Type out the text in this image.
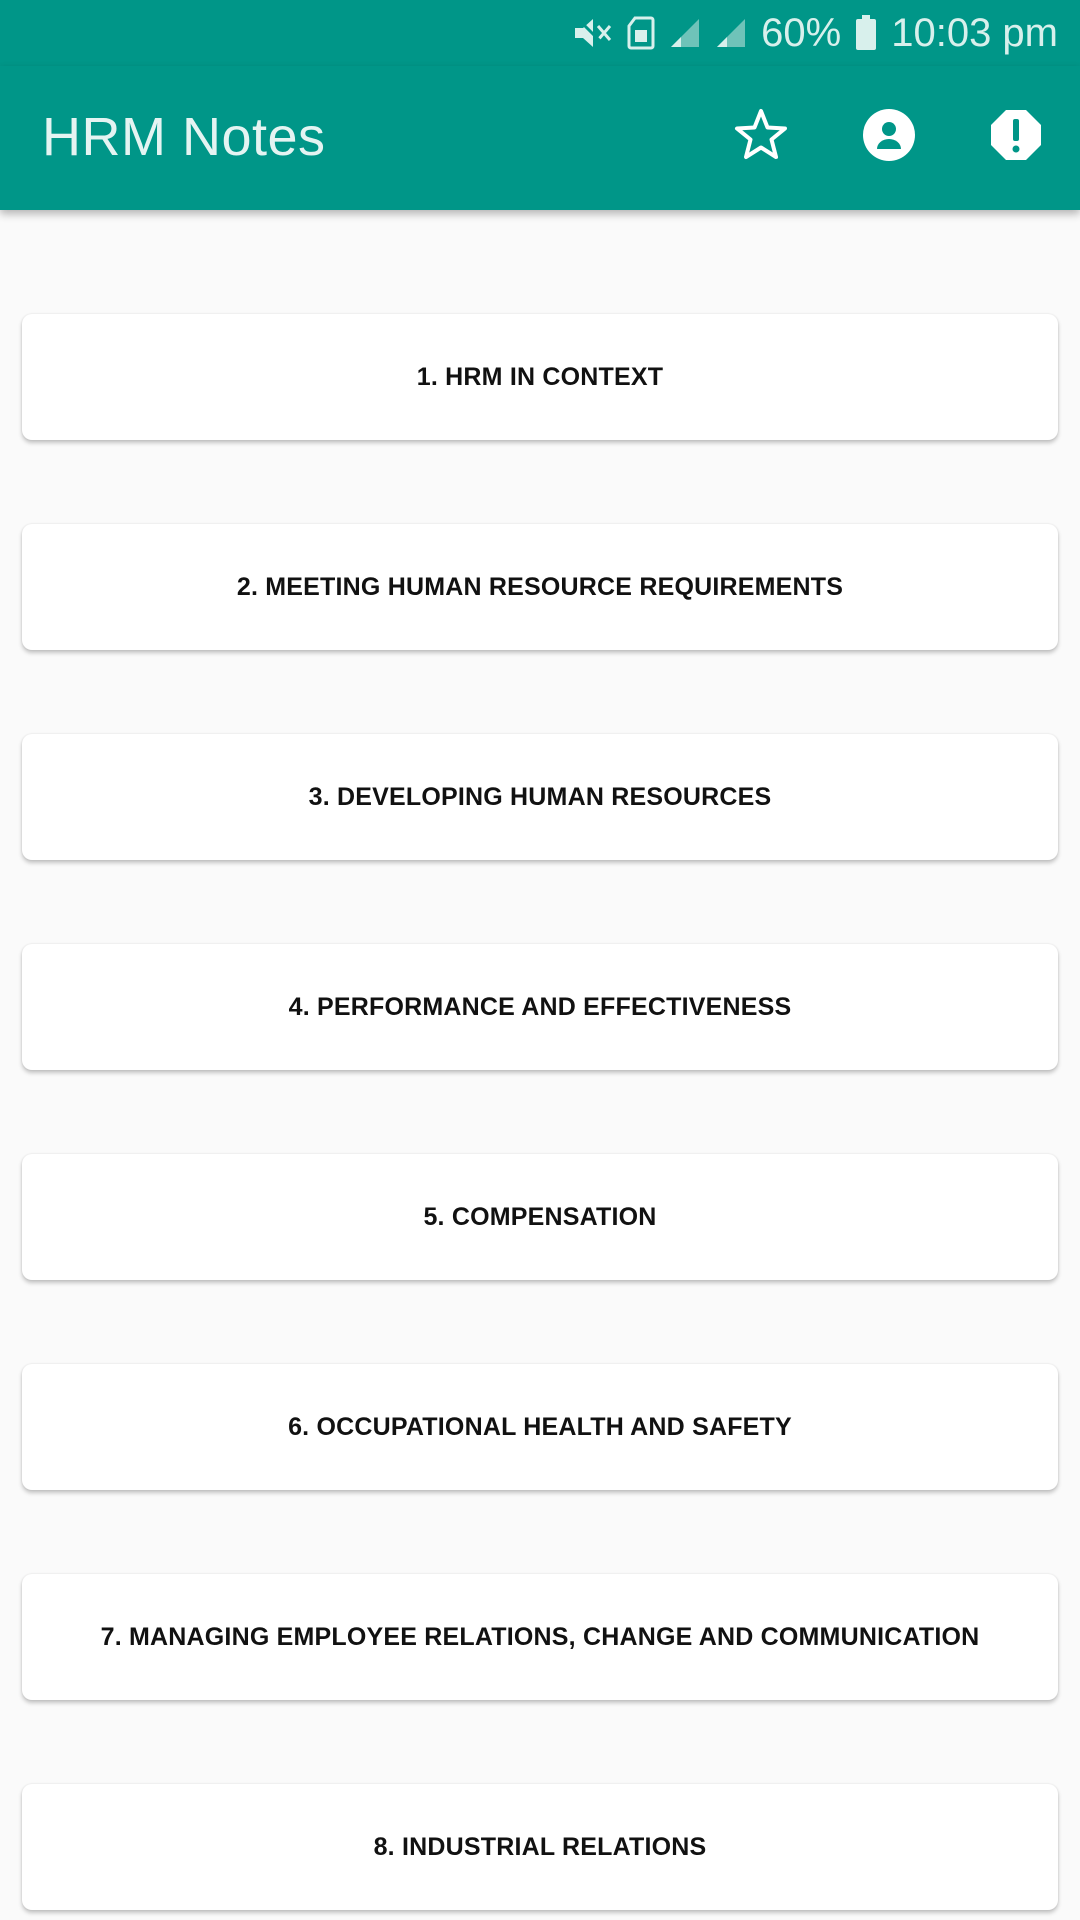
60% 10:03 pm
HRM Notes
1. HRM IN CONTEXT
2. MEETING HUMAN RESOURCE REQUIREMENTS
3. DEVELOPING HUMAN RESOURCES
4. PERFORMANCE AND EFFECTIVENESS
5. COMPENSATION
6. OCCUPATIONAL HEALTH AND SAFETY
7. MANAGING EMPLOYEE RELATIONS, CHANGE AND COMMUNICATION
8. INDUSTRIAL RELATIONS
